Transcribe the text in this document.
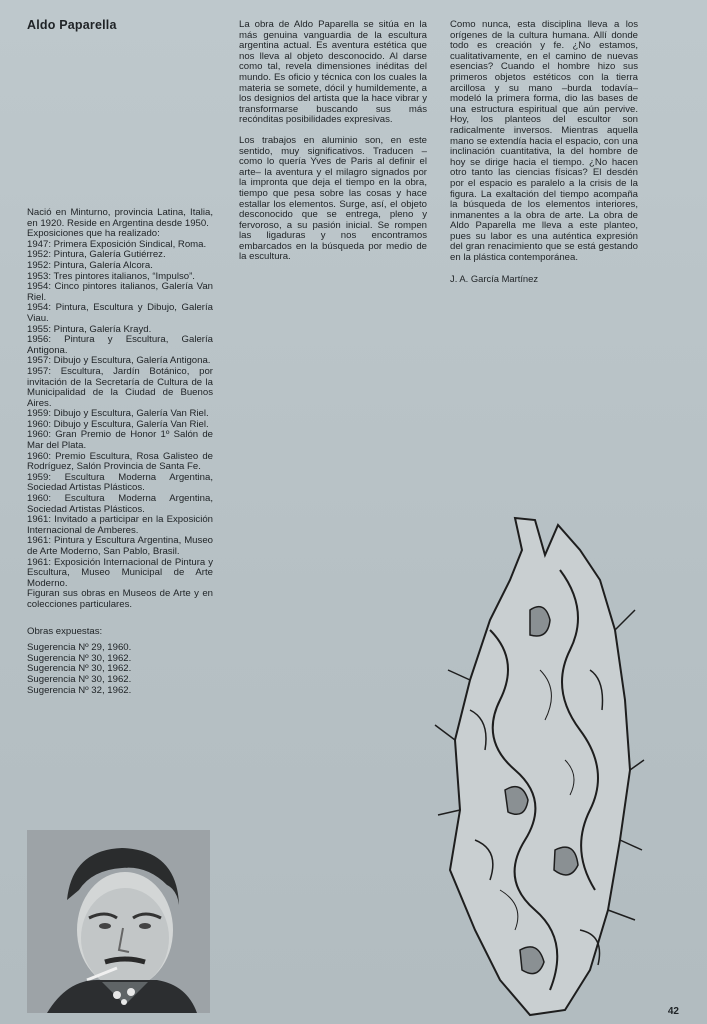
Aldo Paparella
Nació en Minturno, provincia Latina, Italia, en 1920. Reside en Argentina desde 1950.
Exposiciones que ha realizado:
1947: Primera Exposición Sindical, Roma.
1952: Pintura, Galería Gutiérrez.
1952: Pintura, Galería Alcora.
1953: Tres pintores italianos, “Impulso”.
1954: Cinco pintores italianos, Galería Van Riel.
1954: Pintura, Escultura y Dibujo, Galería Viau.
1955: Pintura, Galería Krayd.
1956: Pintura y Escultura, Galería Antigona.
1957: Dibujo y Escultura, Galería Antigona.
1957: Escultura, Jardín Botánico, por invitación de la Secretaría de Cultura de la Municipalidad de la Ciudad de Buenos Aires.
1959: Dibujo y Escultura, Galería Van Riel.
1960: Dibujo y Escultura, Galería Van Riel.
1960: Gran Premio de Honor 1º Salón de Mar del Plata.
1960: Premio Escultura, Rosa Galisteo de Rodríguez, Salón Provincia de Santa Fe.
1959: Escultura Moderna Argentina, Sociedad Artistas Plásticos.
1960: Escultura Moderna Argentina, Sociedad Artistas Plásticos.
1961: Invitado a participar en la Exposición Internacional de Amberes.
1961: Pintura y Escultura Argentina, Museo de Arte Moderno, San Pablo, Brasil.
1961: Exposición Internacional de Pintura y Escultura, Museo Municipal de Arte Moderno.
Figuran sus obras en Museos de Arte y en colecciones particulares.
Obras expuestas:
Sugerencia Nº 29, 1960.
Sugerencia Nº 30, 1962.
Sugerencia Nº 30, 1962.
Sugerencia Nº 30, 1962.
Sugerencia Nº 32, 1962.

La obra de Aldo Paparella se sitúa en la más genuina vanguardia de la escultura argentina actual. Es aventura estética que nos lleva al objeto desconocido. Al darse como tal, revela dimensiones inéditas del mundo. Es oficio y técnica con los cuales la materia se somete, dócil y humildemente, a los designios del artista que la hace vibrar y transformarse buscando sus más recónditas posibilidades expresivas.

Los trabajos en aluminio son, en este sentido, muy significativos. Traducen –como lo quería Yves de Paris al definir el arte– la aventura y el milagro signados por la impronta que deja el tiempo en la obra, tiempo que pesa sobre las cosas y hace estallar los elementos. Surge, así, el objeto desconocido que se entrega, pleno y fervoroso, a su pasión inicial. Se rompen las ligaduras y nos encontramos embarcados en la búsqueda por medio de la escultura.

Como nunca, esta disciplina lleva a los orígenes de la cultura humana. Allí donde todo es creación y fe. ¿No estamos, cualitativamente, en el camino de nuevas esencias? Cuando el hombre hizo sus primeros objetos estéticos con la tierra arcillosa y su mano –burda todavía– modeló la primera forma, dio las bases de una estructura espiritual que aún pervive. Hoy, los planteos del escultor son radicalmente inversos. Mientras aquella mano se extendía hacia el espacio, con una inclinación cuantitativa, la del hombre de hoy se dirige hacia el tiempo. ¿No hacen otro tanto las ciencias físicas? El desdén por el espacio es paralelo a la crisis de la figura. La exaltación del tiempo acompaña la búsqueda de los elementos interiores, inmanentes a la obra de arte. La obra de Aldo Paparella me lleva a este planteo, pues su labor es una auténtica expresión del gran renacimiento que se está gestando en la plástica contemporánea.

J. A. García Martínez
42
